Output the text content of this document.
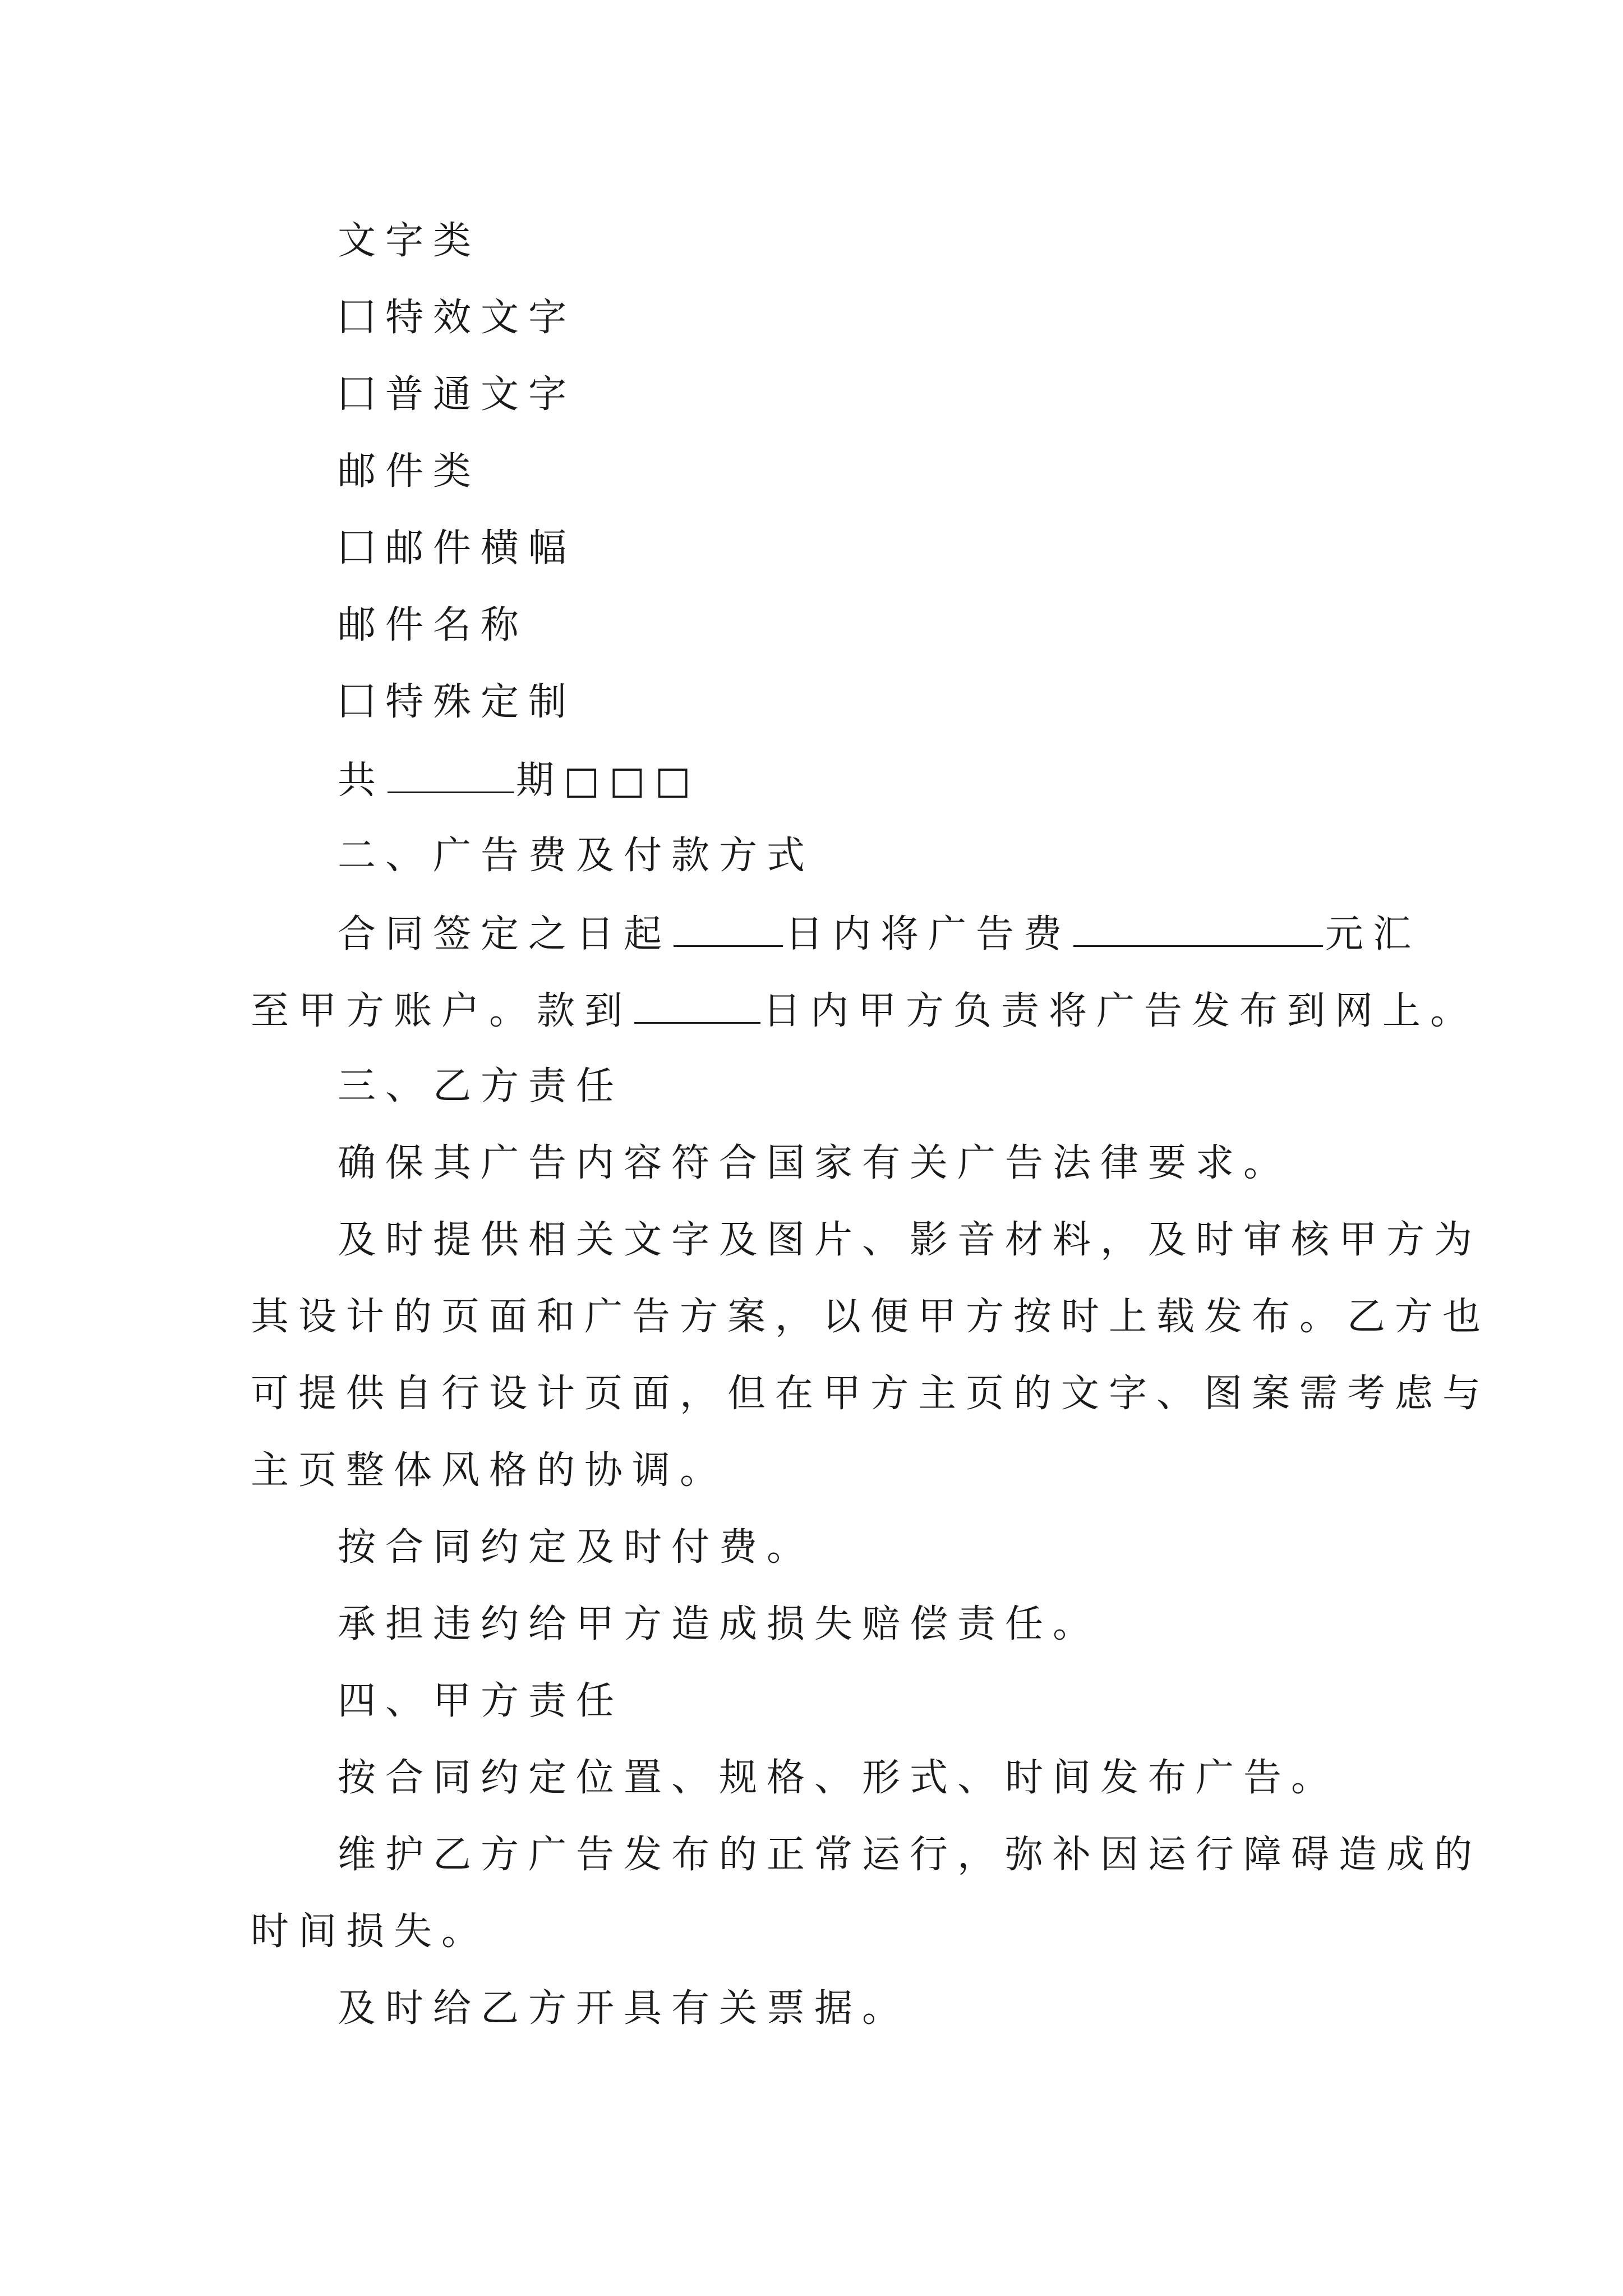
文字类
囗特效文字
囗普通文字
邮件类
囗邮件横幅
邮件名称
囗特殊定制
共	期□□□
二、广告费及付款方式
合同签定之日起	日内将广告费	元汇
至甲方账户。款到	日内甲方负责将广告发布到网上。
三、乙方责任
确保其广告内容符合国家有关广告法律要求。
及时提供相关文字及图片、影音材料，及时审核甲方为
其设计的页面和广告方案，以便甲方按时上载发布。乙方也
可提供自行设计页面，但在甲方主页的文字、图案需考虑与
主页整体风格的协调。
按合同约定及时付费。
承担违约给甲方造成损失赔偿责任。
四、甲方责任
按合同约定位置、规格、形式、时间发布广告。
维护乙方广告发布的正常运行，弥补因运行障碍造成的
时间损失。
及时给乙方开具有关票据。
